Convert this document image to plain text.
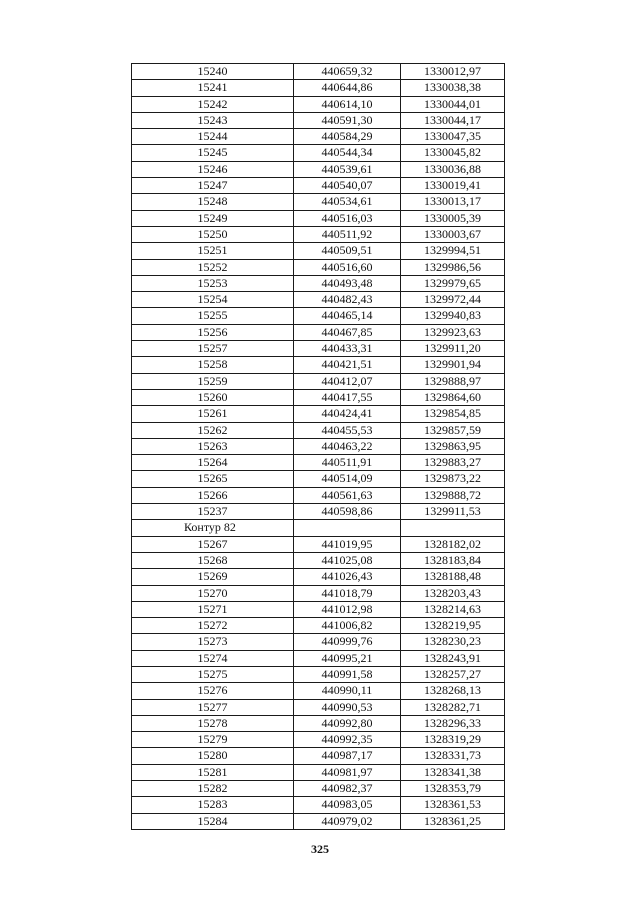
15240	440659,32	1330012,97
15241	440644,86	1330038,38
15242	440614,10	1330044,01
15243	440591,30	1330044,17
15244	440584,29	1330047,35
15245	440544,34	1330045,82
15246	440539,61	1330036,88
15247	440540,07	1330019,41
15248	440534,61	1330013,17
15249	440516,03	1330005,39
15250	440511,92	1330003,67
15251	440509,51	1329994,51
15252	440516,60	1329986,56
15253	440493,48	1329979,65
15254	440482,43	1329972,44
15255	440465,14	1329940,83
15256	440467,85	1329923,63
15257	440433,31	1329911,20
15258	440421,51	1329901,94
15259	440412,07	1329888,97
15260	440417,55	1329864,60
15261	440424,41	1329854,85
15262	440455,53	1329857,59
15263	440463,22	1329863,95
15264	440511,91	1329883,27
15265	440514,09	1329873,22
15266	440561,63	1329888,72
15237	440598,86	1329911,53
Контур 82		
15267	441019,95	1328182,02
15268	441025,08	1328183,84
15269	441026,43	1328188,48
15270	441018,79	1328203,43
15271	441012,98	1328214,63
15272	441006,82	1328219,95
15273	440999,76	1328230,23
15274	440995,21	1328243,91
15275	440991,58	1328257,27
15276	440990,11	1328268,13
15277	440990,53	1328282,71
15278	440992,80	1328296,33
15279	440992,35	1328319,29
15280	440987,17	1328331,73
15281	440981,97	1328341,38
15282	440982,37	1328353,79
15283	440983,05	1328361,53
15284	440979,02	1328361,25
325
